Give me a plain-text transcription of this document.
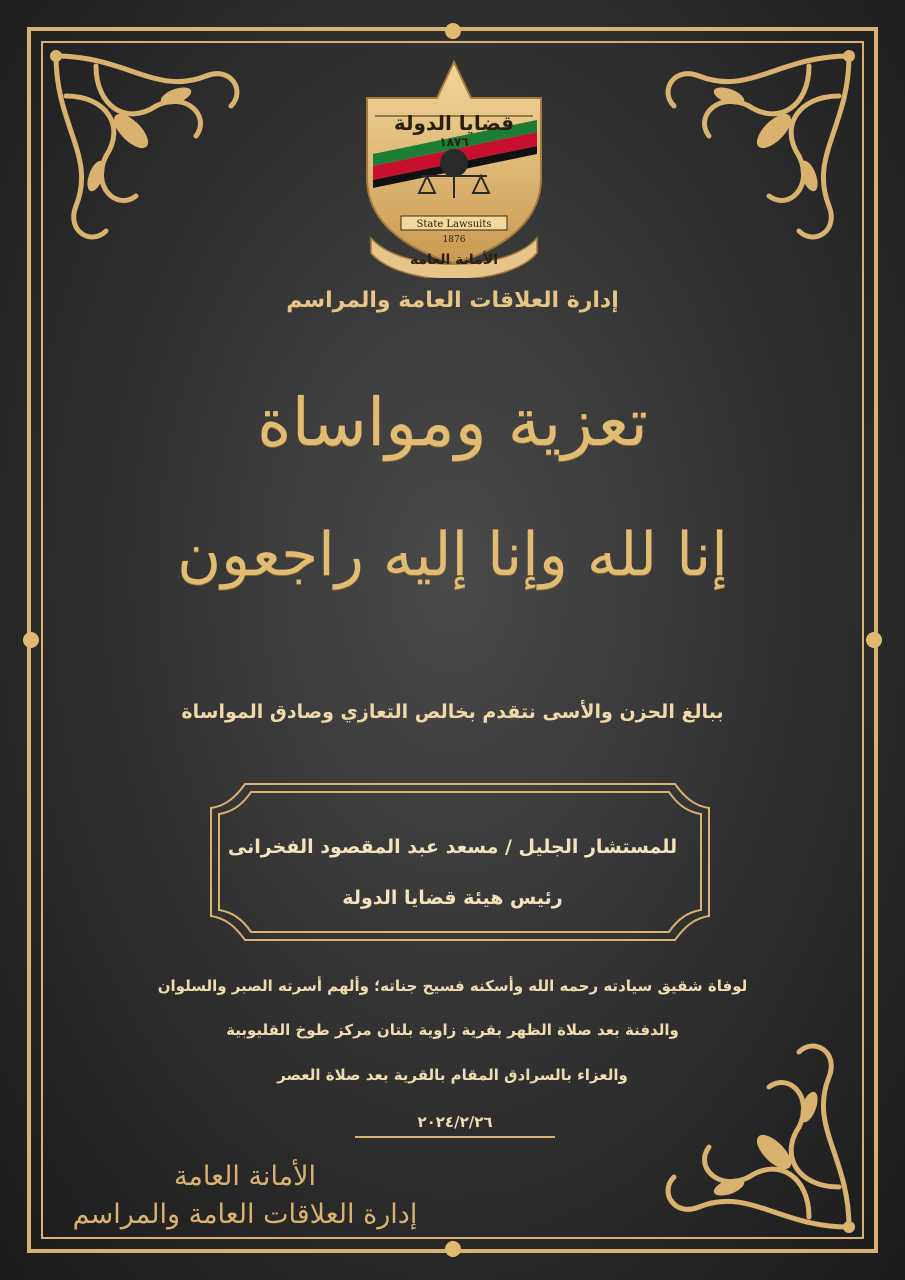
قضايا الدولة
١٨٧٦
State Lawsuits
1876
الأمانة العامة
إدارة العلاقات العامة والمراسم
تعزية ومواساة
إنا لله وإنا إليه راجعون
ببالغ الحزن والأسى نتقدم بخالص التعازي وصادق المواساة
للمستشار الجليل / مسعد عبد المقصود الفخرانى
رئيس هيئة قضايا الدولة
لوفاة شقيق سيادته رحمه الله وأسكنه فسيح جناته؛ وألهم أسرته الصبر والسلوان
والدفنة بعد صلاة الظهر بقرية زاوية بلتان مركز طوخ القليوبية
والعزاء بالسرادق المقام بالقرية بعد صلاة العصر
٢٠٢٤/٢/٢٦
الأمانة العامة
إدارة العلاقات العامة والمراسم
